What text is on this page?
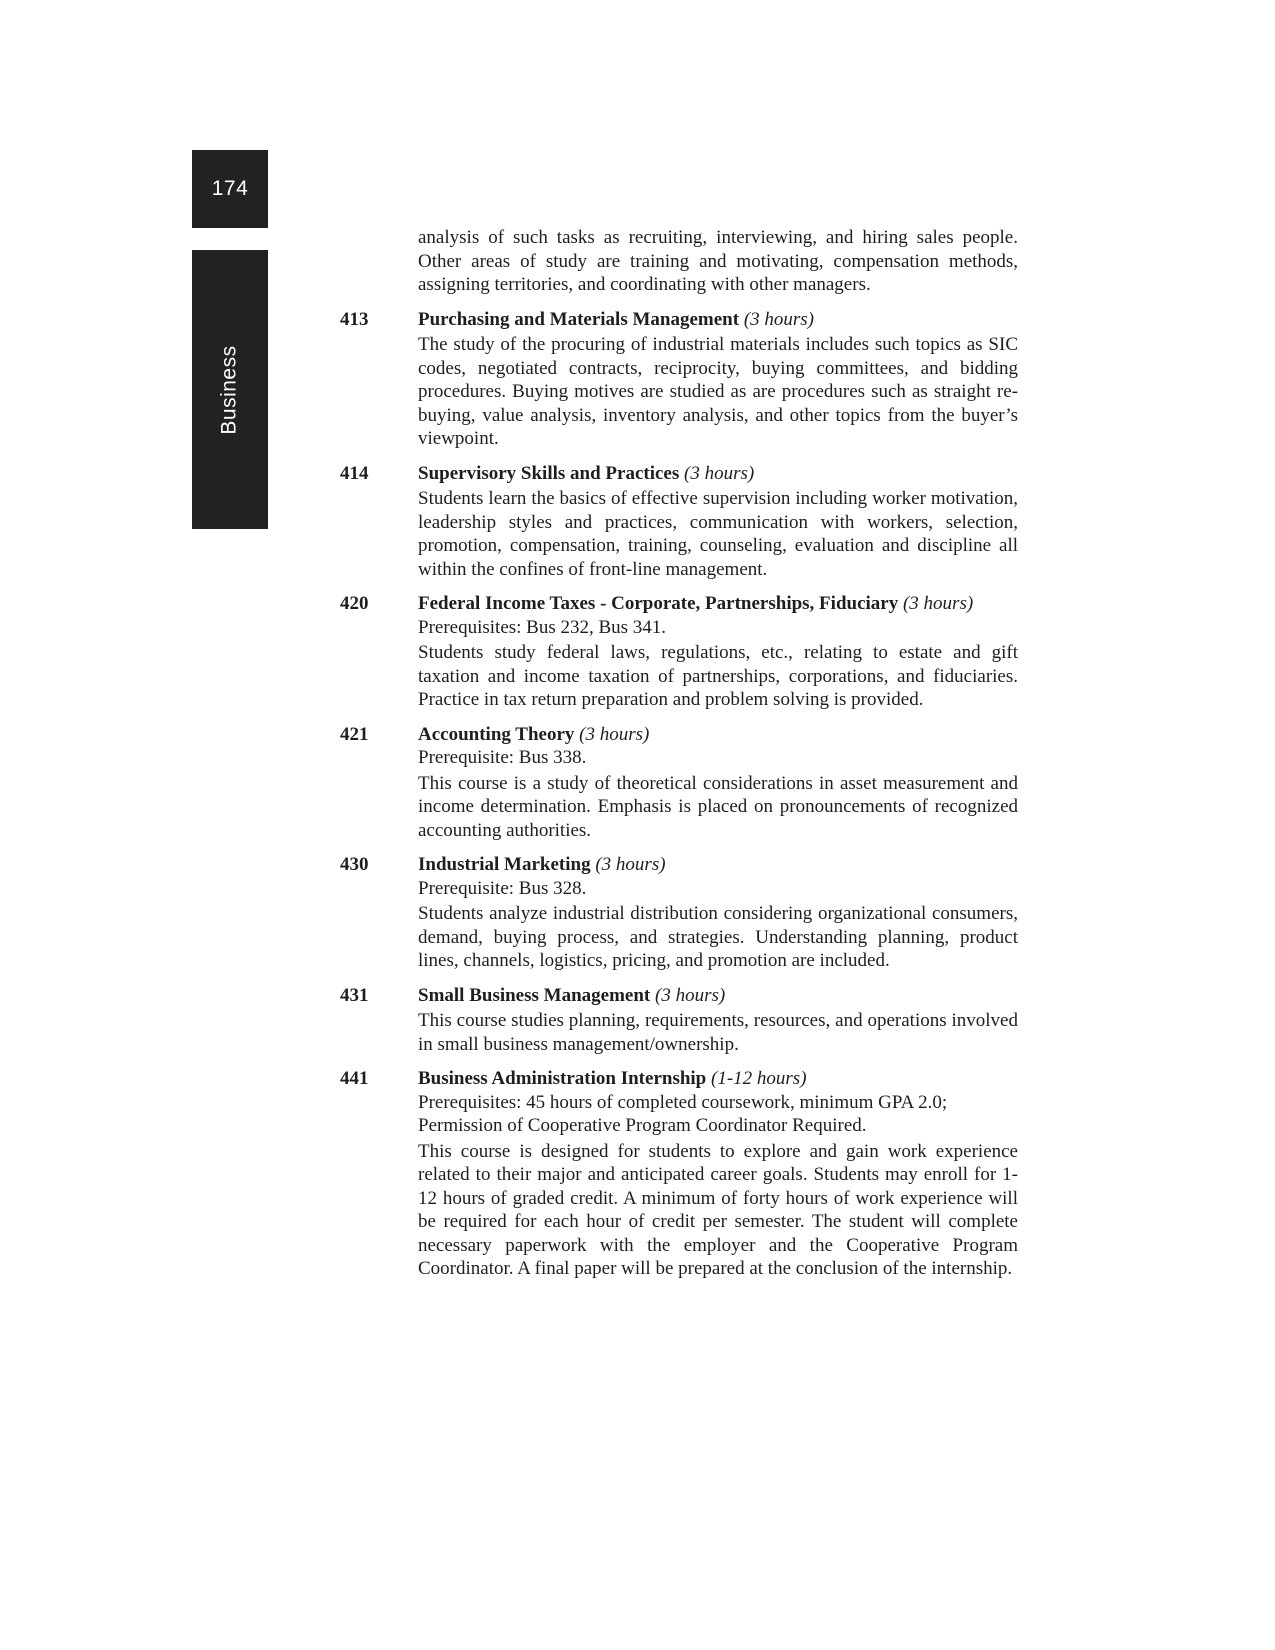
174
Business
analysis of such tasks as recruiting, interviewing, and hiring sales people. Other areas of study are training and motivating, compensation methods, assigning territories, and coordinating with other managers.
413	Purchasing and Materials Management (3 hours)
The study of the procuring of industrial materials includes such topics as SIC codes, negotiated contracts, reciprocity, buying committees, and bidding procedures. Buying motives are studied as are procedures such as straight re-buying, value analysis, inventory analysis, and other topics from the buyer’s viewpoint.
414	Supervisory Skills and Practices (3 hours)
Students learn the basics of effective supervision including worker motivation, leadership styles and practices, communication with workers, selection, promotion, compensation, training, counseling, evaluation and discipline all within the confines of front-line management.
420	Federal Income Taxes - Corporate, Partnerships, Fiduciary (3 hours)
Prerequisites: Bus 232, Bus 341.
Students study federal laws, regulations, etc., relating to estate and gift taxation and income taxation of partnerships, corporations, and fiduciaries. Practice in tax return preparation and problem solving is provided.
421	Accounting Theory (3 hours)
Prerequisite: Bus 338.
This course is a study of theoretical considerations in asset measurement and income determination. Emphasis is placed on pronouncements of recognized accounting authorities.
430	Industrial Marketing (3 hours)
Prerequisite: Bus 328.
Students analyze industrial distribution considering organizational consumers, demand, buying process, and strategies. Understanding planning, product lines, channels, logistics, pricing, and promotion are included.
431	Small Business Management (3 hours)
This course studies planning, requirements, resources, and operations involved in small business management/ownership.
441	Business Administration Internship (1-12 hours)
Prerequisites: 45 hours of completed coursework, minimum GPA 2.0; Permission of Cooperative Program Coordinator Required.
This course is designed for students to explore and gain work experience related to their major and anticipated career goals. Students may enroll for 1-12 hours of graded credit. A minimum of forty hours of work experience will be required for each hour of credit per semester. The student will complete necessary paperwork with the employer and the Cooperative Program Coordinator. A final paper will be prepared at the conclusion of the internship.
